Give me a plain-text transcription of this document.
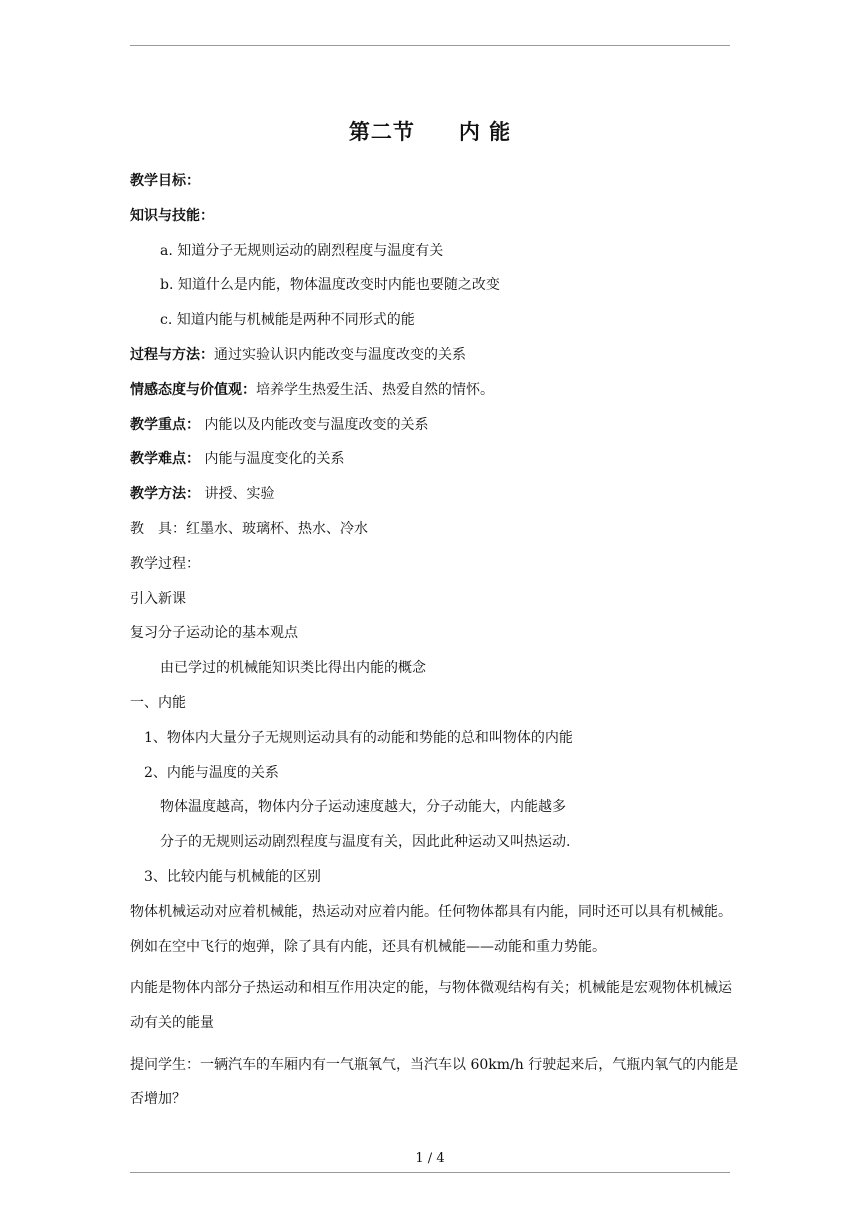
第二节 内 能
教学目标：
知识与技能：
a. 知道分子无规则运动的剧烈程度与温度有关
b. 知道什么是内能，物体温度改变时内能也要随之改变
c. 知道内能与机械能是两种不同形式的能
过程与方法：通过实验认识内能改变与温度改变的关系
情感态度与价值观：培养学生热爱生活、热爱自然的情怀。
教学重点： 内能以及内能改变与温度改变的关系
教学难点： 内能与温度变化的关系
教学方法： 讲授、实验
教　具：红墨水、玻璃杯、热水、冷水
教学过程：
引入新课
复习分子运动论的基本观点
由已学过的机械能知识类比得出内能的概念
一、内能
1、物体内大量分子无规则运动具有的动能和势能的总和叫物体的内能
2、内能与温度的关系
物体温度越高，物体内分子运动速度越大，分子动能大，内能越多
分子的无规则运动剧烈程度与温度有关，因此此种运动又叫热运动.
3、比较内能与机械能的区别
物体机械运动对应着机械能，热运动对应着内能。任何物体都具有内能，同时还可以具有机械能。例如在空中飞行的炮弹，除了具有内能，还具有机械能——动能和重力势能。
内能是物体内部分子热运动和相互作用决定的能，与物体微观结构有关；机械能是宏观物体机械运动有关的能量
提问学生：一辆汽车的车厢内有一气瓶氧气，当汽车以 60km/h 行驶起来后，气瓶内氧气的内能是否增加？
1 / 4
